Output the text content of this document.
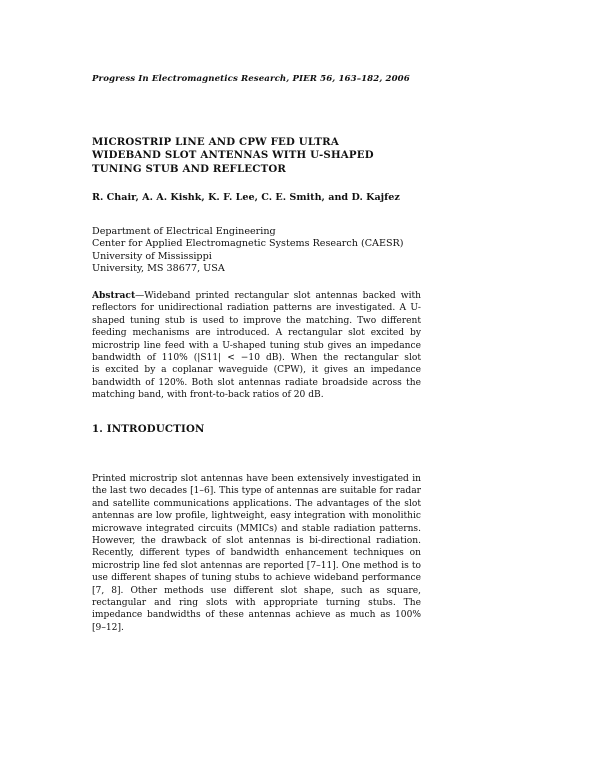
Progress In Electromagnetics Research, PIER 56, 163–182, 2006
MICROSTRIP LINE AND CPW FED ULTRA
WIDEBAND SLOT ANTENNAS WITH U-SHAPED
TUNING STUB AND REFLECTOR
R. Chair, A. A. Kishk, K. F. Lee, C. E. Smith, and D. Kajfez
Department of Electrical Engineering
Center for Applied Electromagnetic Systems Research (CAESR)
University of Mississippi
University, MS 38677, USA
Abstract—Wideband printed rectangular slot antennas backed with
reflectors for unidirectional radiation patterns are investigated. A U-
shaped tuning stub is used to improve the matching. Two different
feeding mechanisms are introduced. A rectangular slot excited by
microstrip line feed with a U-shaped tuning stub gives an impedance
bandwidth of 110% (|S11| < −10 dB). When the rectangular slot
is excited by a coplanar waveguide (CPW), it gives an impedance
bandwidth of 120%. Both slot antennas radiate broadside across the
matching band, with front-to-back ratios of 20 dB.
1. INTRODUCTION
Printed microstrip slot antennas have been extensively investigated in
the last two decades [1–6]. This type of antennas are suitable for radar
and satellite communications applications. The advantages of the slot
antennas are low profile, lightweight, easy integration with monolithic
microwave integrated circuits (MMICs) and stable radiation patterns.
However, the drawback of slot antennas is bi-directional radiation.
Recently, different types of bandwidth enhancement techniques on
microstrip line fed slot antennas are reported [7–11]. One method is to
use different shapes of tuning stubs to achieve wideband performance
[7, 8]. Other methods use different slot shape, such as square,
rectangular and ring slots with appropriate turning stubs. The
impedance bandwidths of these antennas achieve as much as 100%
[9–12].
